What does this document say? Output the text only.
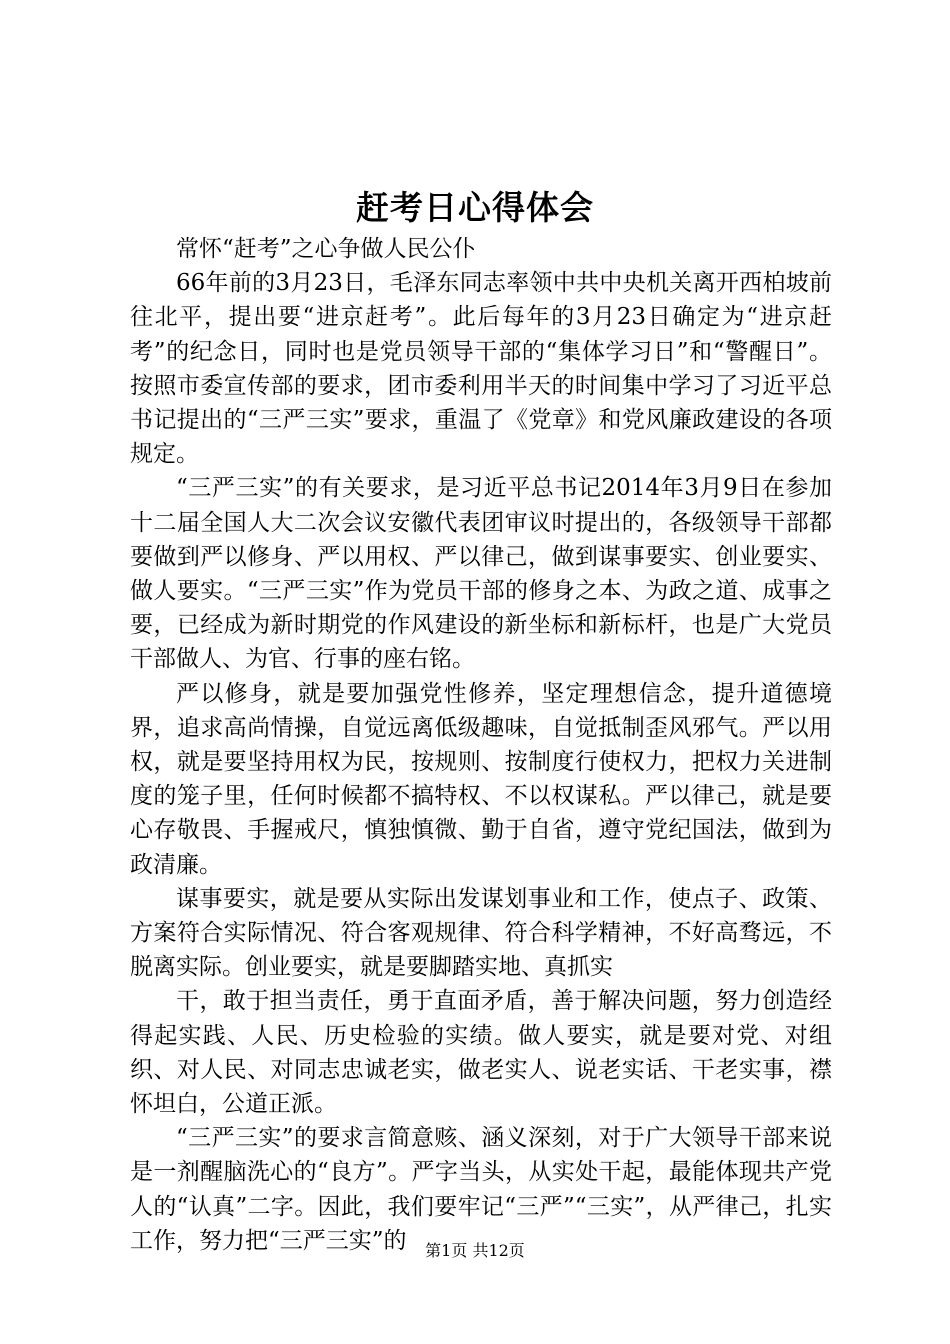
赶考日心得体会

常怀“赶考”之心争做人民公仆

66年前的3月23日，毛泽东同志率领中共中央机关离开西柏坡前往北平，提出要“进京赶考”。此后每年的3月23日确定为“进京赶考”的纪念日，同时也是党员领导干部的“集体学习日”和“警醒日”。按照市委宣传部的要求，团市委利用半天的时间集中学习了习近平总书记提出的“三严三实”要求，重温了《党章》和党风廉政建设的各项规定。

“三严三实”的有关要求，是习近平总书记2014年3月9日在参加十二届全国人大二次会议安徽代表团审议时提出的，各级领导干部都要做到严以修身、严以用权、严以律己，做到谋事要实、创业要实、做人要实。“三严三实”作为党员干部的修身之本、为政之道、成事之要，已经成为新时期党的作风建设的新坐标和新标杆，也是广大党员干部做人、为官、行事的座右铭。

严以修身，就是要加强党性修养，坚定理想信念，提升道德境界，追求高尚情操，自觉远离低级趣味，自觉抵制歪风邪气。严以用权，就是要坚持用权为民，按规则、按制度行使权力，把权力关进制度的笼子里，任何时候都不搞特权、不以权谋私。严以律己，就是要心存敬畏、手握戒尺，慎独慎微、勤于自省，遵守党纪国法，做到为政清廉。

谋事要实，就是要从实际出发谋划事业和工作，使点子、政策、方案符合实际情况、符合客观规律、符合科学精神，不好高骛远，不脱离实际。创业要实，就是要脚踏实地、真抓实

干，敢于担当责任，勇于直面矛盾，善于解决问题，努力创造经得起实践、人民、历史检验的实绩。做人要实，就是要对党、对组织、对人民、对同志忠诚老实，做老实人、说老实话、干老实事，襟怀坦白，公道正派。

“三严三实”的要求言简意赅、涵义深刻，对于广大领导干部来说是一剂醒脑洗心的“良方”。严字当头，从实处干起，最能体现共产党人的“认真”二字。因此，我们要牢记“三严”“三实”，从严律己，扎实工作，努力把“三严三实”的	第1页 共12页
